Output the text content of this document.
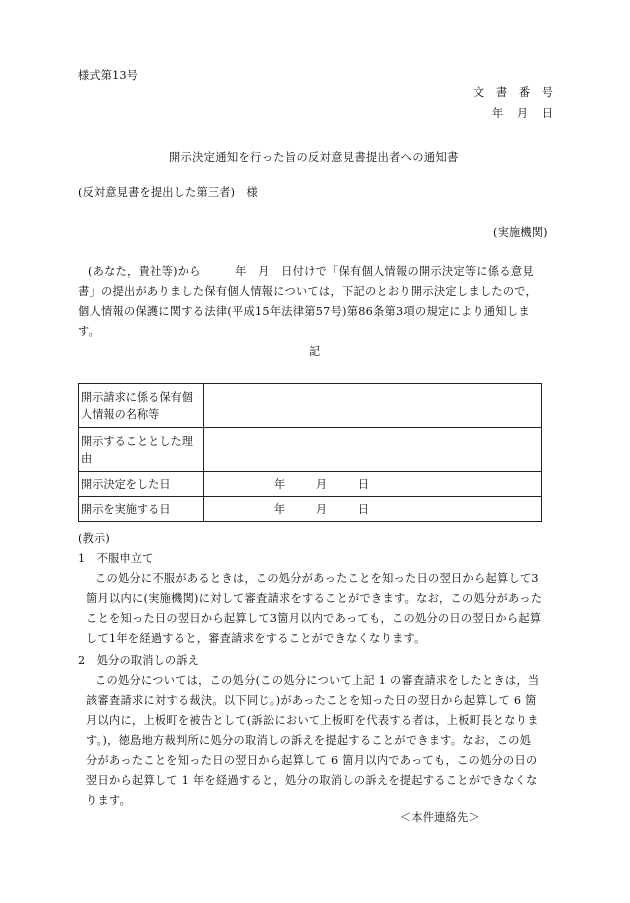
様式第13号
文 書 番 号
年 月 日
開示決定通知を行った旨の反対意見書提出者への通知書
(反対意見書を提出した第三者)　様
(実施機関)
(あなた，貴社等)から　　　年　月　日付けで「保有個人情報の開示決定等に係る意見
書」の提出がありました保有個人情報については，下記のとおり開示決定しましたので，
個人情報の保護に関する法律(平成15年法律第57号)第86条第3項の規定により通知しま
す。
記
開示請求に係る保有個
人情報の名称等	

開示することとした理
由	

開示決定をした日	年 月 日

開示を実施する日	年 月 日
(教示)
1　不服申立て
この処分に不服があるときは，この処分があったことを知った日の翌日から起算して3
箇月以内に(実施機関)に対して審査請求をすることができます。なお，この処分があった
ことを知った日の翌日から起算して3箇月以内であっても，この処分の日の翌日から起算
して1年を経過すると，審査請求をすることができなくなります。
2　処分の取消しの訴え
この処分については，この処分(この処分について上記 1 の審査請求をしたときは，当
該審査請求に対する裁決。以下同じ。)があったことを知った日の翌日から起算して 6 箇
月以内に，上板町を被告として(訴訟において上板町を代表する者は，上板町長となりま
す。)，徳島地方裁判所に処分の取消しの訴えを提起することができます。なお，この処
分があったことを知った日の翌日から起算して 6 箇月以内であっても，この処分の日の
翌日から起算して 1 年を経過すると，処分の取消しの訴えを提起することができなくな
ります。
＜本件連絡先＞
